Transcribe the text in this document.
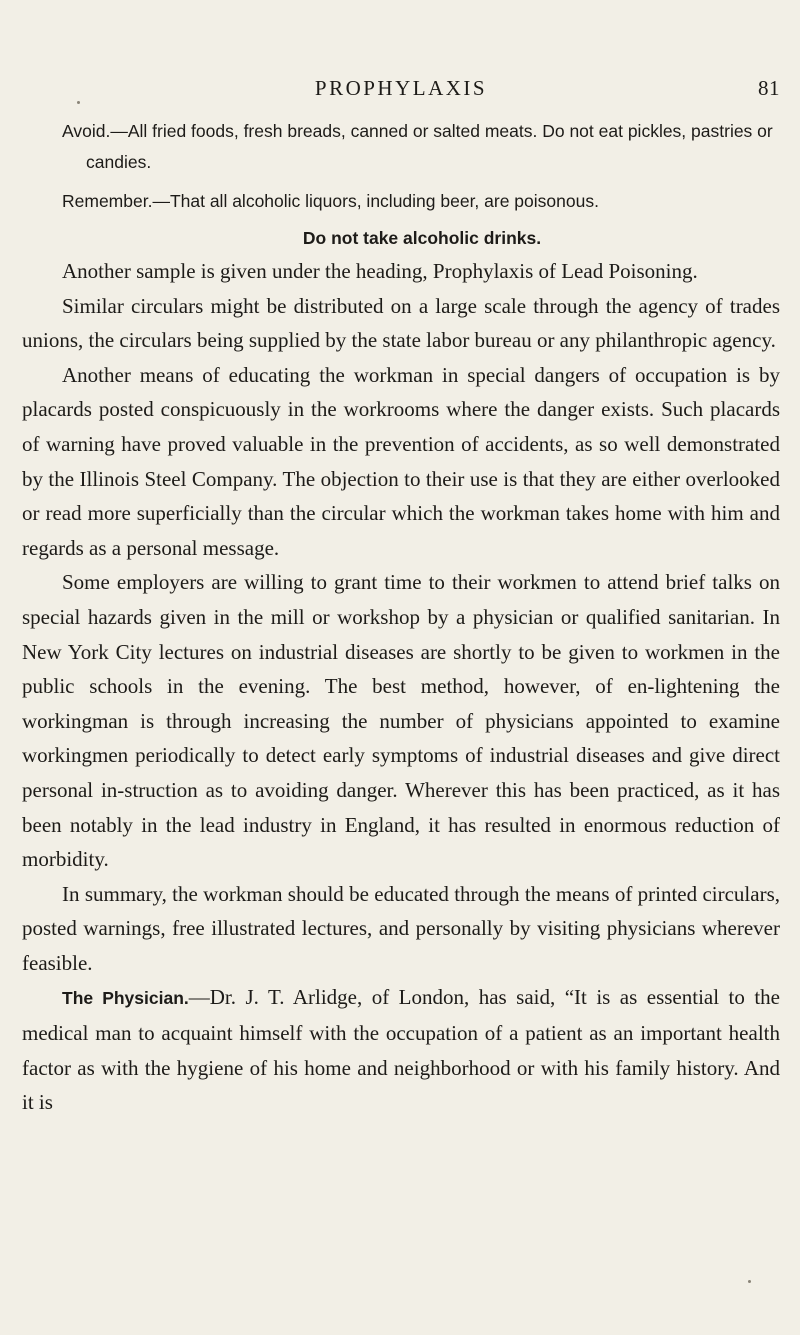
PROPHYLAXIS	81

Avoid.—All fried foods, fresh breads, canned or salted meats. Do not eat pickles, pastries or candies.

Remember.—That all alcoholic liquors, including beer, are poisonous.

Do not take alcoholic drinks.

Another sample is given under the heading, Prophylaxis of Lead Poisoning.

Similar circulars might be distributed on a large scale through the agency of trades unions, the circulars being supplied by the state labor bureau or any philanthropic agency.

Another means of educating the workman in special dangers of occupation is by placards posted conspicuously in the workrooms where the danger exists. Such placards of warning have proved valuable in the prevention of accidents, as so well demonstrated by the Illinois Steel Company. The objection to their use is that they are either overlooked or read more superficially than the circular which the workman takes home with him and regards as a personal message.

Some employers are willing to grant time to their workmen to attend brief talks on special hazards given in the mill or workshop by a physician or qualified sanitarian. In New York City lectures on industrial diseases are shortly to be given to workmen in the public schools in the evening. The best method, however, of en-lightening the workingman is through increasing the number of physicians appointed to examine workingmen periodically to detect early symptoms of industrial diseases and give direct personal in-struction as to avoiding danger. Wherever this has been practiced, as it has been notably in the lead industry in England, it has resulted in enormous reduction of morbidity.

In summary, the workman should be educated through the means of printed circulars, posted warnings, free illustrated lectures, and personally by visiting physicians wherever feasible.

The Physician.—Dr. J. T. Arlidge, of London, has said, “It is as essential to the medical man to acquaint himself with the occupation of a patient as an important health factor as with the hygiene of his home and neighborhood or with his family history. And it is
